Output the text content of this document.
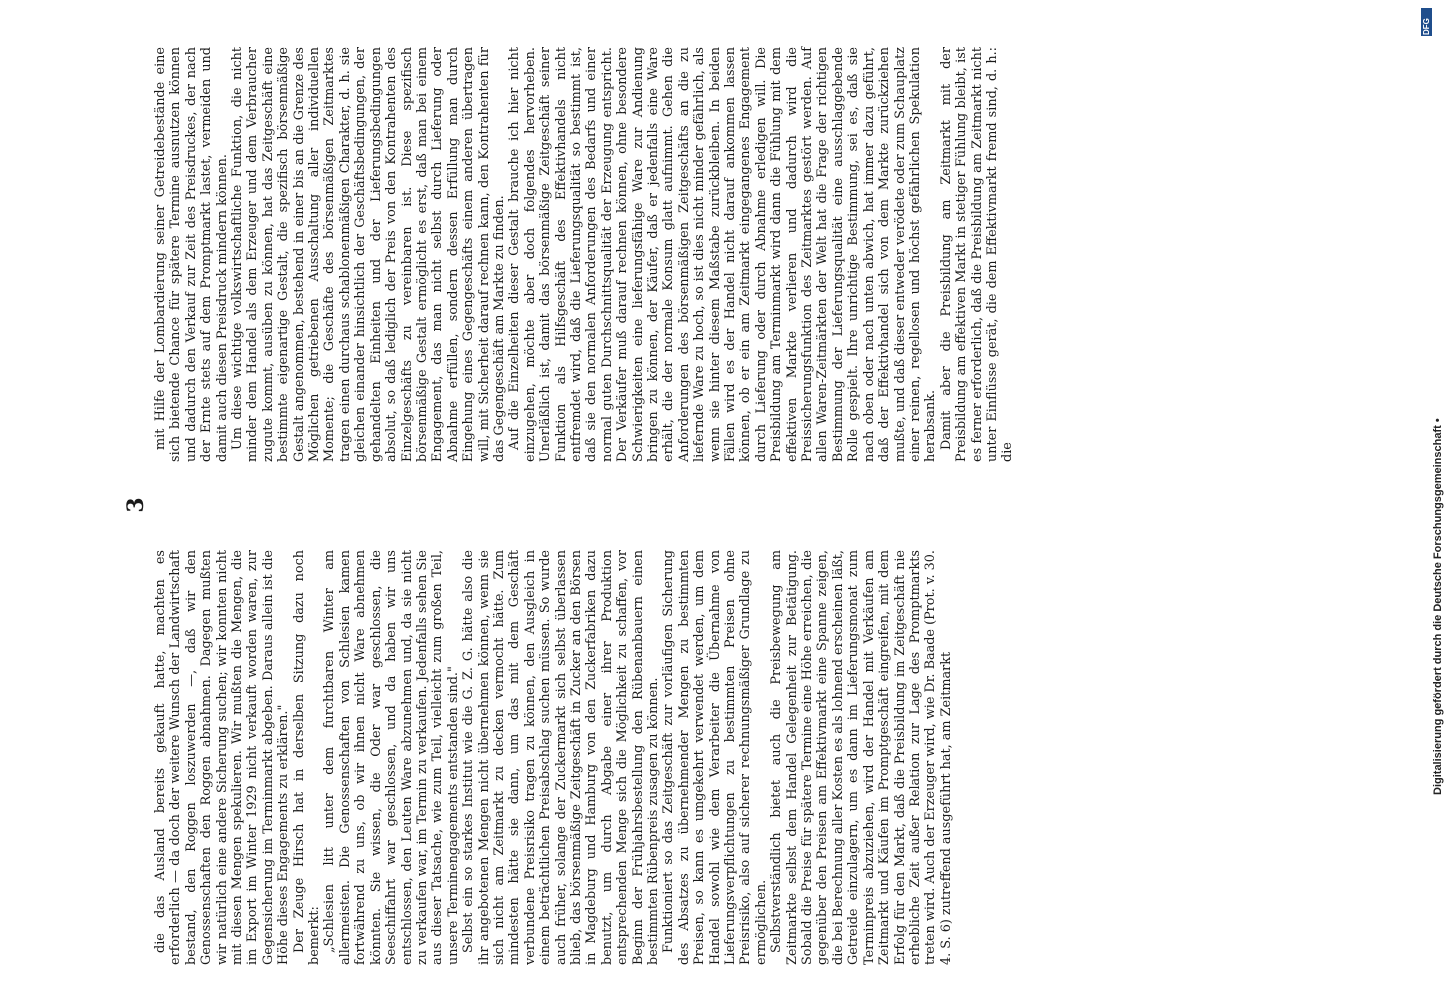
3

die das Ausland bereits gekauft hatte, machten es erforderlich — da doch der weitere Wunsch der Landwirtschaft bestand, den Roggen loszuwerden —, daß wir den Genossenschaften den Roggen abnahmen. Dagegen mußten wir natürlich eine andere Sicherung suchen; wir konnten nicht mit diesen Mengen spekulieren. Wir mußten die Mengen, die im Export im Winter 1929 nicht verkauft worden waren, zur Gegensicherung im Terminmarkt abgeben. Daraus allein ist die Höhe dieses Engagements zu erklären." Der Zeuge Hirsch hat in derselben Sitzung dazu noch bemerkt: „Schlesien litt unter dem furchtbaren Winter am allermeisten. Die Genossenschaften von Schlesien kamen fortwährend zu uns, ob wir ihnen nicht Ware abnehmen könnten. Sie wissen, die Oder war geschlossen, die Seeschiffahrt war geschlossen, und da haben wir uns entschlossen, den Leuten Ware abzunehmen und, da sie nicht zu verkaufen war, im Termin zu verkaufen. Jedenfalls sehen Sie aus dieser Tatsache, wie zum Teil, vielleicht zum großen Teil, unsere Terminengagements entstanden sind." Selbst ein so starkes Institut wie die G. Z. G. hätte also die ihr angebotenen Mengen nicht übernehmen können, wenn sie sich nicht am Zeitmarkt zu decken vermocht hätte. Zum mindesten hätte sie dann, um das mit dem Geschäft verbundene Preisrisiko tragen zu können, den Ausgleich in einem beträchtlichen Preisabschlag suchen müssen. So wurde auch früher, solange der Zuckermarkt sich selbst überlassen blieb, das börsenmäßige Zeitgeschäft in Zucker an den Börsen in Magdeburg und Hamburg von den Zuckerfabriken dazu benutzt, um durch Abgabe einer ihrer Produktion entsprechenden Menge sich die Möglichkeit zu schaffen, vor Beginn der Frühjahrsbestellung den Rübenanbauern einen bestimmten Rübenpreis zusagen zu können. Funktioniert so das Zeitgeschäft zur vorläufigen Sicherung des Absatzes zu übernehmender Mengen zu bestimmten Preisen, so kann es umgekehrt verwendet werden, um dem Handel sowohl wie dem Verarbeiter die Übernahme von Lieferungsverpflichtungen zu bestimmten Preisen ohne Preisrisiko, also auf sicherer rechnungsmäßiger Grundlage zu ermöglichen. Selbstverständlich bietet auch die Preisbewegung am Zeitmarkte selbst dem Handel Gelegenheit zur Betätigung. Sobald die Preise für spätere Termine eine Höhe erreichen, die gegenüber den Preisen am Effektivmarkt eine Spanne zeigen, die bei Berechnung aller Kosten es als lohnend erscheinen läßt, Getreide einzulagern, um es dann im Lieferungsmonat zum Terminpreis abzuziehen, wird der Handel mit Verkäufen am Zeitmarkt und Käufen im Promptgeschäft eingreifen, mit dem Erfolg für den Markt, daß die Preisbildung im Zeitgeschäft nie erhebliche Zeit außer Relation zur Lage des Promptmarkts treten wird. Auch der Erzeuger wird, wie Dr. Baade (Prot. v. 30. 4. S. 6) zutreffend ausgeführt hat, am Zeitmarkt

mit Hilfe der Lombardierung seiner Getreidebestände eine sich bietende Chance für spätere Termine ausnutzen können und dadurch den Verkauf zur Zeit des Preisdruckes, der nach der Ernte stets auf dem Promptmarkt lastet, vermeiden und damit auch diesen Preisdruck mindern können. Um diese wichtige volkswirtschaftliche Funktion, die nicht minder dem Handel als dem Erzeuger und dem Verbraucher zugute kommt, ausüben zu können, hat das Zeitgeschäft eine bestimmte eigenartige Gestalt, die spezifisch börsenmäßige Gestalt angenommen, bestehend in einer bis an die Grenze des Möglichen getriebenen Ausschaltung aller individuellen Momente; die Geschäfte des börsenmäßigen Zeitmarktes tragen einen durchaus schablonenmäßigen Charakter, d. h. sie gleichen einander hinsichtlich der Geschäftsbedingungen, der gehandelten Einheiten und der Lieferungsbedingungen absolut, so daß lediglich der Preis von den Kontrahenten des Einzelgeschäfts zu vereinbaren ist. Diese spezifisch börsenmäßige Gestalt ermöglicht es erst, daß man bei einem Engagement, das man nicht selbst durch Lieferung oder Abnahme erfüllen, sondern dessen Erfüllung man durch Eingehung eines Gegengeschäfts einem anderen übertragen will, mit Sicherheit darauf rechnen kann, den Kontrahenten für das Gegengeschäft am Markte zu finden. Auf die Einzelheiten dieser Gestalt brauche ich hier nicht einzugehen, möchte aber doch folgendes hervorheben. Unerläßlich ist, damit das börsenmäßige Zeitgeschäft seiner Funktion als Hilfsgeschäft des Effektivhandels nicht entfremdet wird, daß die Lieferungsqualität so bestimmt ist, daß sie den normalen Anforderungen des Bedarfs und einer normal guten Durchschnittsqualität der Erzeugung entspricht. Der Verkäufer muß darauf rechnen können, ohne besondere Schwierigkeiten eine lieferungsfähige Ware zur Andienung bringen zu können, der Käufer, daß er jedenfalls eine Ware erhält, die der normale Konsum glatt aufnimmt. Gehen die Anforderungen des börsenmäßigen Zeitgeschäfts an die zu liefernde Ware zu hoch, so ist dies nicht minder gefährlich, als wenn sie hinter diesem Maßstabe zurückbleiben. In beiden Fällen wird es der Handel nicht darauf ankommen lassen können, ob er ein am Zeitmarkt eingegangenes Engagement durch Lieferung oder durch Abnahme erledigen will. Die Preisbildung am Terminmarkt wird dann die Fühlung mit dem effektiven Markte verlieren und dadurch wird die Preissicherungsfunktion des Zeitmarktes gestört werden. Auf allen Waren-Zeitmärkten der Welt hat die Frage der richtigen Bestimmung der Lieferungsqualität eine ausschlaggebende Rolle gespielt. Ihre unrichtige Bestimmung, sei es, daß sie nach oben oder nach unten abwich, hat immer dazu geführt, daß der Effektivhandel sich von dem Markte zurückziehen mußte, und daß dieser entweder verödete oder zum Schauplatz einer reinen, regellosen und höchst gefährlichen Spekulation herabsank. Damit aber die Preisbildung am Zeitmarkt mit der Preisbildung am effektiven Markt in stetiger Fühlung bleibt, ist es ferner erforderlich, daß die Preisbildung am Zeitmarkt nicht unter Einflüsse gerät, die dem Effektivmarkt fremd sind, d. h.: die	Digitalisierung gefördert durch die Deutsche Forschungsgemeinschaft •
DFG
